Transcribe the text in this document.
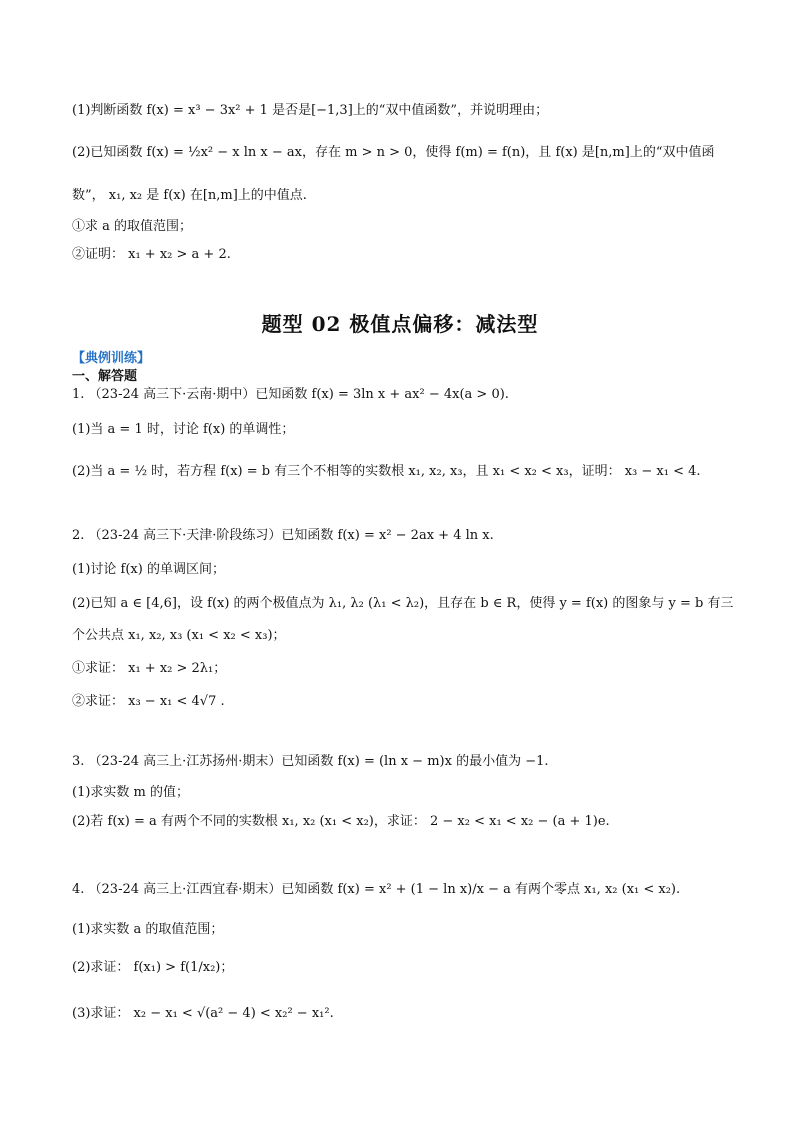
(1)判断函数 f(x) = x³ − 3x² + 1 是否是[−1,3]上的“双中值函数”，并说明理由；
(2)已知函数 f(x) = ½x² − x ln x − ax，存在 m > n > 0，使得 f(m) = f(n)，且 f(x) 是[n,m]上的“双中值函
数”， x₁, x₂ 是 f(x) 在[n,m]上的中值点.
①求 a 的取值范围；
②证明： x₁ + x₂ > a + 2.
题型 02 极值点偏移：减法型
【典例训练】
一、解答题
1. （23-24 高三下·云南·期中）已知函数 f(x) = 3ln x + ax² − 4x(a > 0).
(1)当 a = 1 时，讨论 f(x) 的单调性；
(2)当 a = ½ 时，若方程 f(x) = b 有三个不相等的实数根 x₁, x₂, x₃，且 x₁ < x₂ < x₃，证明： x₃ − x₁ < 4.
2. （23-24 高三下·天津·阶段练习）已知函数 f(x) = x² − 2ax + 4 ln x.
(1)讨论 f(x) 的单调区间；
(2)已知 a ∈ [4,6]，设 f(x) 的两个极值点为 λ₁, λ₂ (λ₁ < λ₂)，且存在 b ∈ R，使得 y = f(x) 的图象与 y = b 有三
个公共点 x₁, x₂, x₃ (x₁ < x₂ < x₃)；
①求证： x₁ + x₂ > 2λ₁；
②求证： x₃ − x₁ < 4√7 .
3. （23-24 高三上·江苏扬州·期末）已知函数 f(x) = (ln x − m)x 的最小值为 −1.
(1)求实数 m 的值；
(2)若 f(x) = a 有两个不同的实数根 x₁, x₂ (x₁ < x₂)，求证： 2 − x₂ < x₁ < x₂ − (a + 1)e.
4. （23-24 高三上·江西宜春·期末）已知函数 f(x) = x² + (1 − ln x)/x − a 有两个零点 x₁, x₂ (x₁ < x₂).
(1)求实数 a 的取值范围；
(2)求证： f(x₁) > f(1/x₂)；
(3)求证： x₂ − x₁ < √(a² − 4) < x₂² − x₁².
